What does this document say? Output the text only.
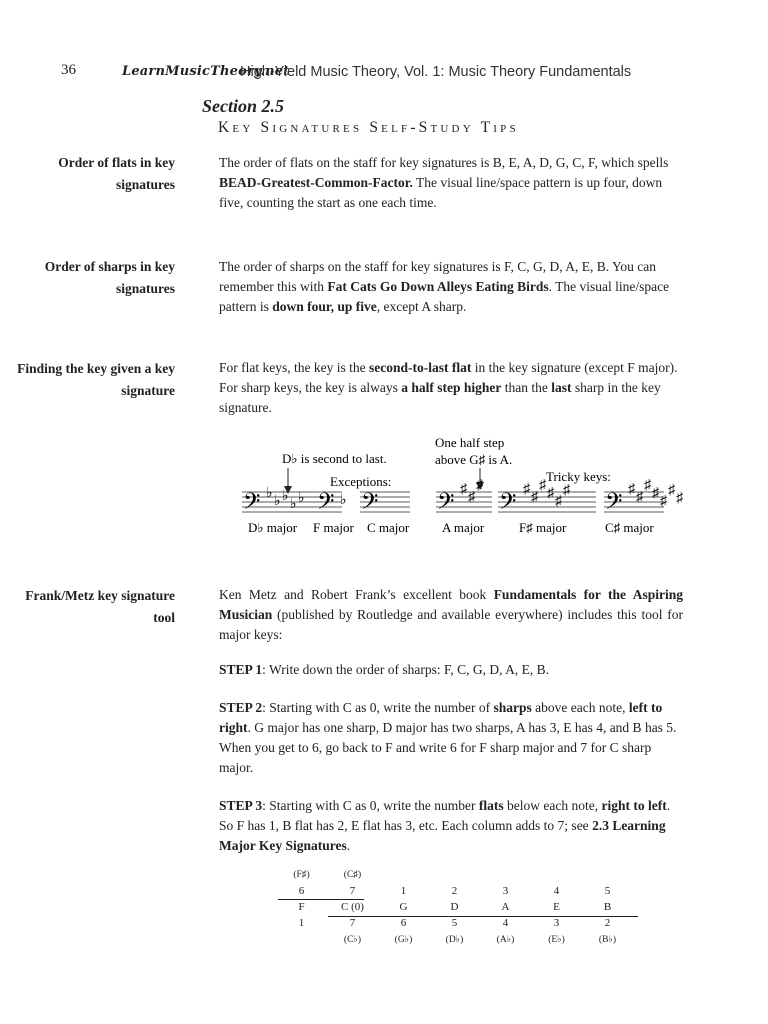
36	LearnMusicTheory.net
High-Yield Music Theory, Vol. 1: Music Theory Fundamentals
Section 2.5
Key Signatures Self-Study Tips
Order of flats in key signatures
The order of flats on the staff for key signatures is B, E, A, D, G, C, F, which spells BEAD-Greatest-Common-Factor. The visual line/space pattern is up four, down five, counting the start as one each time.
Order of sharps in key signatures
The order of sharps on the staff for key signatures is F, C, G, D, A, E, B. You can remember this with Fat Cats Go Down Alleys Eating Birds. The visual line/space pattern is down four, up five, except A sharp.
Finding the key given a key signature
For flat keys, the key is the second-to-last flat in the key signature (except F major). For sharp keys, the key is always a half step higher than the last sharp in the key signature.
D♭ is second to last.
Exceptions:
One half step
above G♯ is A.
Tricky keys:
𝄢 𝄢 𝄢 𝄢 𝄢	𝄢
♭
♭ ♭
♭ ♭	♭
♯
♯
♯	♯
♯
♯
♯
♯
♯	♯
♯
♯
♯
♯
♯
♯
D♭ major F major C major	A major	F♯ major	C♯ major
Frank/Metz key signature tool
Ken Metz and Robert Frank’s excellent book Fundamentals for the Aspiring Musician (published by Routledge and available everywhere) includes this tool for major keys:

STEP 1: Write down the order of sharps: F, C, G, D, A, E, B.

STEP 2: Starting with C as 0, write the number of sharps above each note, left to right. G major has one sharp, D major has two sharps, A has 3, E has 4, and B has 5. When you get to 6, go back to F and write 6 for F sharp major and 7 for C sharp major.

STEP 3: Starting with C as 0, write the number flats below each note, right to left. So F has 1, B flat has 2, E flat has 3, etc. Each column adds to 7; see 2.3 Learning Major Key Signatures.

(F♯)	(C♯)					
6	7	1	2	3	4	5
F	C (0)	G	D	A	E	B
1	7	6	5	4	3	2
	(C♭)	(G♭)	(D♭)	(A♭)	(E♭)	(B♭)
